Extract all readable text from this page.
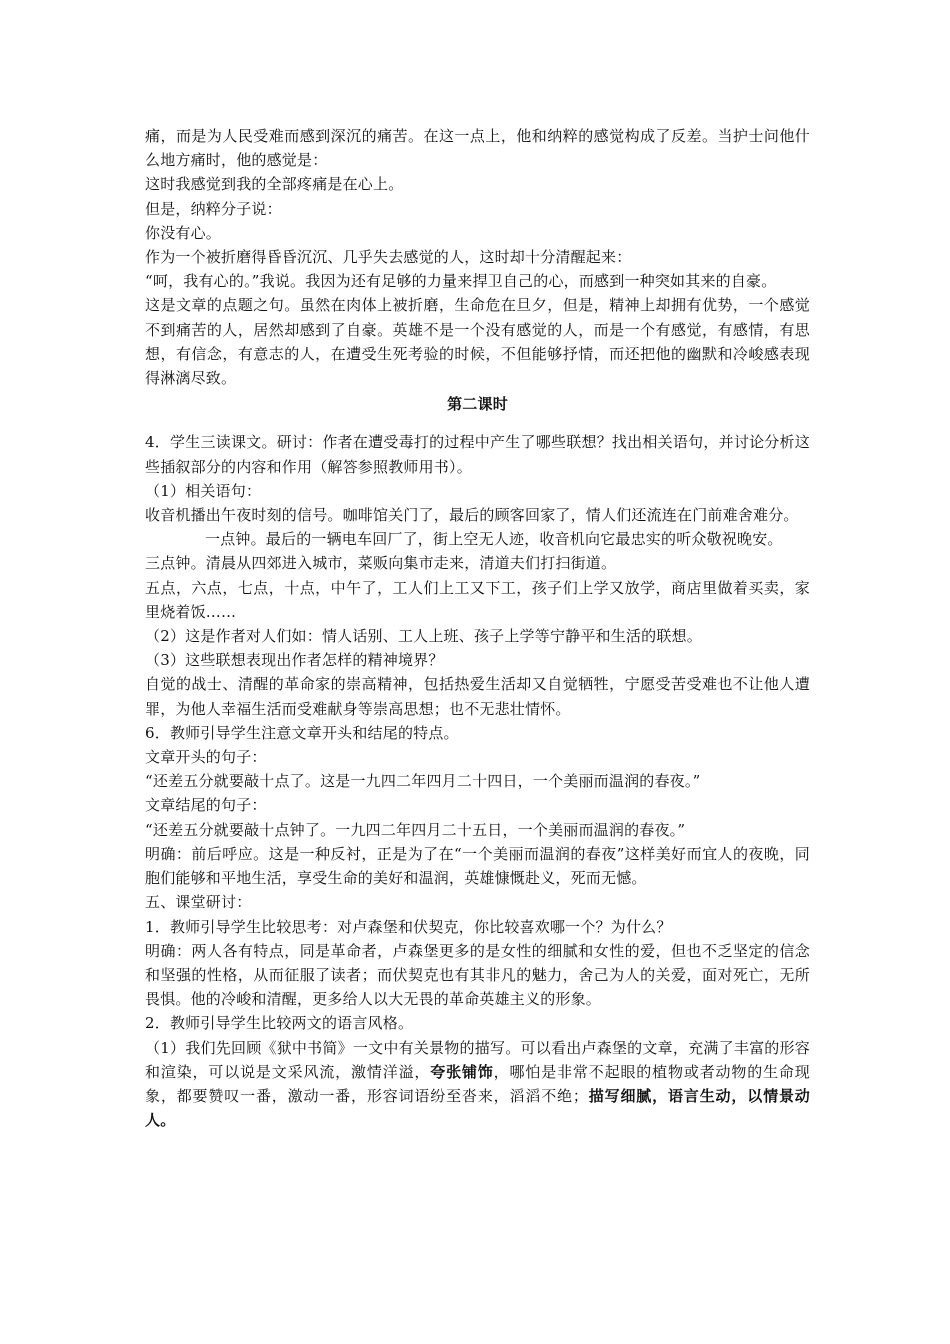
痛，而是为人民受难而感到深沉的痛苦。在这一点上，他和纳粹的感觉构成了反差。当护士问他什么地方痛时，他的感觉是：

这时我感觉到我的全部疼痛是在心上。

但是，纳粹分子说：

你没有心。

作为一个被折磨得昏昏沉沉、几乎失去感觉的人，这时却十分清醒起来：

“呵，我有心的。”我说。我因为还有足够的力量来捍卫自己的心，而感到一种突如其来的自豪。

这是文章的点题之句。虽然在肉体上被折磨，生命危在旦夕，但是，精神上却拥有优势，一个感觉不到痛苦的人，居然却感到了自豪。英雄不是一个没有感觉的人，而是一个有感觉，有感情，有思想，有信念，有意志的人，在遭受生死考验的时候，不但能够抒情，而还把他的幽默和冷峻感表现得淋漓尽致。

第二课时

4．学生三读课文。研讨：作者在遭受毒打的过程中产生了哪些联想？找出相关语句，并讨论分析这些插叙部分的内容和作用（解答参照教师用书）。

（1）相关语句：

收音机播出午夜时刻的信号。咖啡馆关门了，最后的顾客回家了，情人们还流连在门前难舍难分。

一点钟。最后的一辆电车回厂了，街上空无人迹，收音机向它最忠实的听众敬祝晚安。

三点钟。清晨从四郊进入城市，菜贩向集市走来，清道夫们打扫街道。

五点，六点，七点，十点，中午了，工人们上工又下工，孩子们上学又放学，商店里做着买卖，家里烧着饭……

（2）这是作者对人们如：情人话别、工人上班、孩子上学等宁静平和生活的联想。

（3）这些联想表现出作者怎样的精神境界？

自觉的战士、清醒的革命家的崇高精神，包括热爱生活却又自觉牺牲，宁愿受苦受难也不让他人遭罪，为他人幸福生活而受难献身等崇高思想；也不无悲壮情怀。

6．教师引导学生注意文章开头和结尾的特点。

文章开头的句子：

“还差五分就要敲十点了。这是一九四二年四月二十四日，一个美丽而温润的春夜。”

文章结尾的句子：

“还差五分就要敲十点钟了。一九四二年四月二十五日，一个美丽而温润的春夜。”

明确：前后呼应。这是一种反衬，正是为了在“一个美丽而温润的春夜”这样美好而宜人的夜晚，同胞们能够和平地生活，享受生命的美好和温润，英雄慷慨赴义，死而无憾。

五、课堂研讨：

1．教师引导学生比较思考：对卢森堡和伏契克，你比较喜欢哪一个？为什么？

明确：两人各有特点，同是革命者，卢森堡更多的是女性的细腻和女性的爱，但也不乏坚定的信念和坚强的性格，从而征服了读者；而伏契克也有其非凡的魅力，舍己为人的关爱，面对死亡，无所畏惧。他的冷峻和清醒，更多给人以大无畏的革命英雄主义的形象。

2．教师引导学生比较两文的语言风格。

（1）我们先回顾《狱中书简》一文中有关景物的描写。可以看出卢森堡的文章，充满了丰富的形容和渲染，可以说是文采风流，激情洋溢，夸张铺饰，哪怕是非常不起眼的植物或者动物的生命现象，都要赞叹一番，激动一番，形容词语纷至沓来，滔滔不绝；描写细腻，语言生动，以情景动人。
